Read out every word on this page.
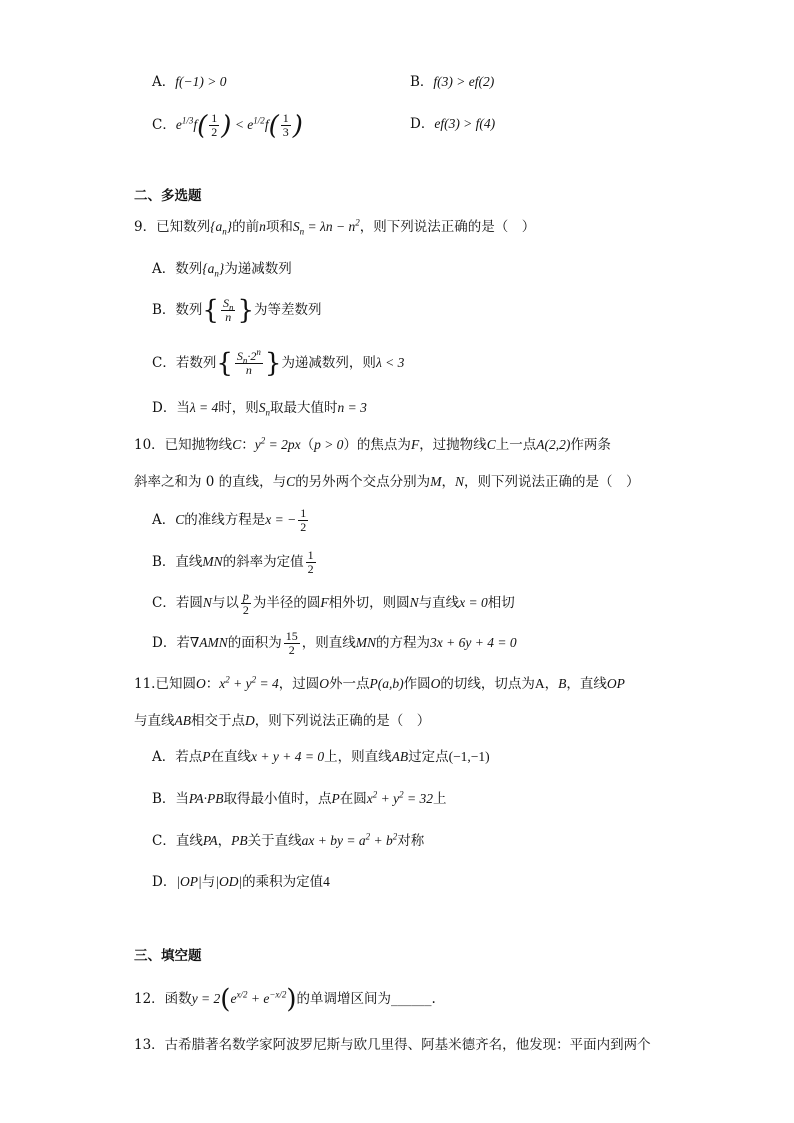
A．f(−1) > 0	B．f(3) > ef(2)
C．$e^{1/3}f( \frac{1}{2}$ ) < $e^{1/2}f( \frac{1}{3}$ )	D．ef(3) > f(4)
二、多选题
9．已知数列$\{a_n\}$的前n项和$S_n = \lambda n - n^2$，则下列说法正确的是（　）
A．数列$\{a_n\}$为递减数列
B．数列{ $\frac{S_n}{n}$ }为等差数列
C．若数列{ $\frac{S_n\cdot 2^n}{n}$ }为递减数列，则λ < 3
D．当λ = 4时，则$S_n$取最大值时n = 3
10．已知抛物线C：$y^2 = 2px(p > 0)$的焦点为F，过抛物线C上一点A(2,2)作两条
斜率之和为 0 的直线，与C的另外两个交点分别为M，N，则下列说法正确的是（　）
A．C的准线方程是x = − $\frac{1}{2}$
B．直线MN的斜率为定值 $\frac{1}{2}$
C．若圆N与以 $\frac{p}{2}$ 为半径的圆F相外切，则圆N与直线x = 0相切
D．若∇AMN的面积为 $\frac{15}{2}$ ，则直线MN的方程为3x + 6y + 4 = 0
11.已知圆O：$x^2 + y^2 = 4$，过圆O外一点P(a,b)作圆O的切线，切点为A，B，直线OP
与直线AB相交于点D，则下列说法正确的是（　）
A．若点P在直线x + y + 4 = 0上，则直线AB过定点(−1,−1)
B．当PA·PB取得最小值时，点P在圆$x^2 + y^2 = 32$上
C．直线PA，PB关于直线ax + by = $a^2 + b^2$对称
D．|OP|与|OD|的乘积为定值4
三、填空题
12．函数$y = 2(e^{x/2} + e^{-x/2})$的单调增区间为______.
13．古希腊著名数学家阿波罗尼斯与欧几里得、阿基米德齐名，他发现：平面内到两个
